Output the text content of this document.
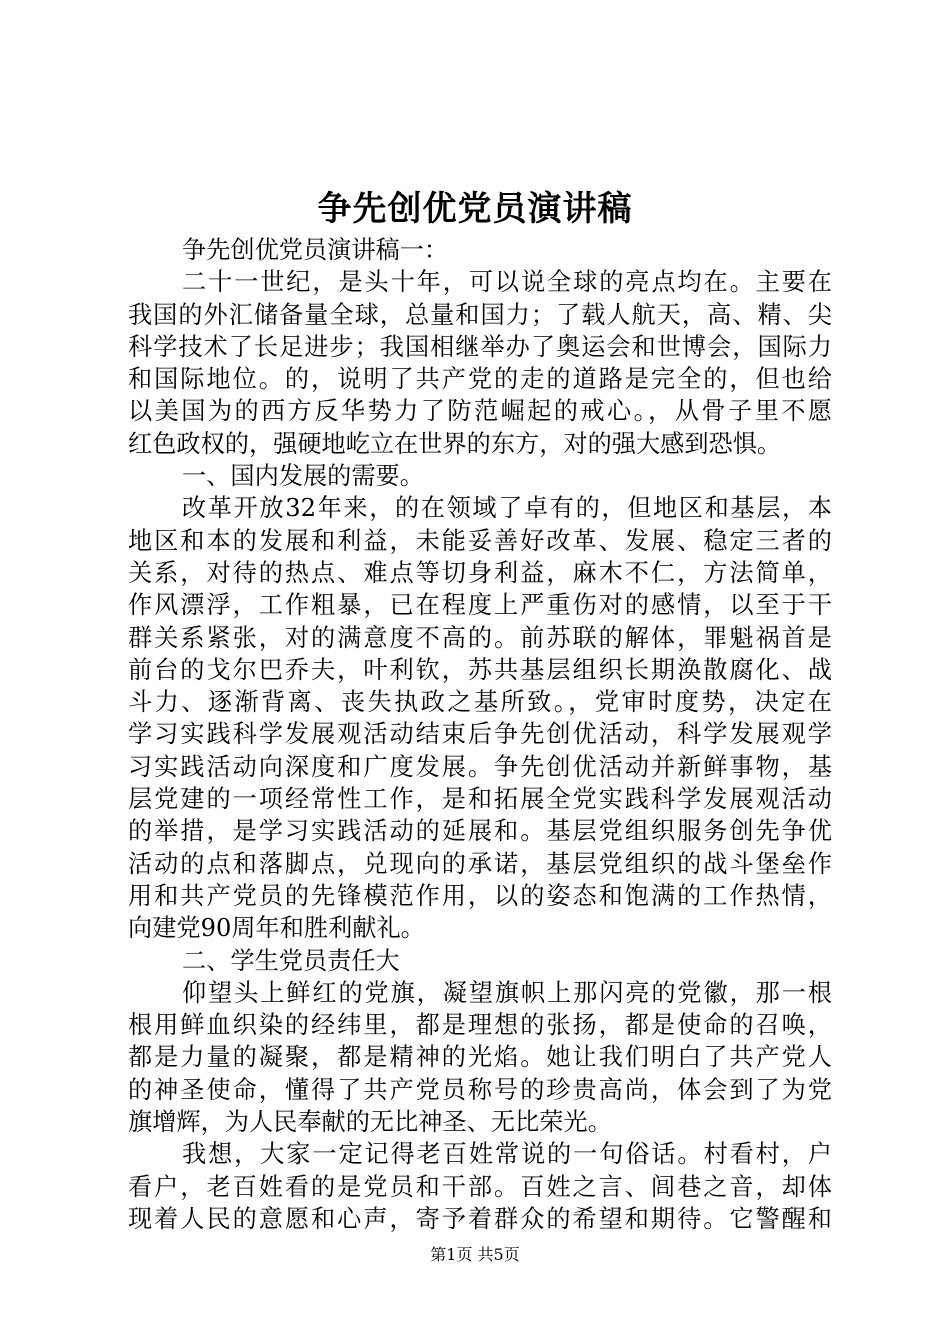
争先创优党员演讲稿
争先创优党员演讲稿一：
二十一世纪，是头十年，可以说全球的亮点均在。主要在
我国的外汇储备量全球，总量和国力；了载人航天，高、精、尖
科学技术了长足进步；我国相继举办了奥运会和世博会，国际力
和国际地位。的，说明了共产党的走的道路是完全的，但也给
以美国为的西方反华势力了防范崛起的戒心。，从骨子里不愿
红色政权的，强硬地屹立在世界的东方，对的强大感到恐惧。
一、国内发展的需要。
改革开放32年来，的在领域了卓有的，但地区和基层，本
地区和本的发展和利益，未能妥善好改革、发展、稳定三者的
关系，对待的热点、难点等切身利益，麻木不仁，方法简单，
作风漂浮，工作粗暴，已在程度上严重伤对的感情，以至于干
群关系紧张，对的满意度不高的。前苏联的解体，罪魁祸首是
前台的戈尔巴乔夫，叶利钦，苏共基层组织长期涣散腐化、战
斗力、逐渐背离、丧失执政之基所致。，党审时度势，决定在
学习实践科学发展观活动结束后争先创优活动，科学发展观学
习实践活动向深度和广度发展。争先创优活动并新鲜事物，基
层党建的一项经常性工作，是和拓展全党实践科学发展观活动
的举措，是学习实践活动的延展和。基层党组织服务创先争优
活动的点和落脚点，兑现向的承诺，基层党组织的战斗堡垒作
用和共产党员的先锋模范作用，以的姿态和饱满的工作热情，
向建党90周年和胜利献礼。
二、学生党员责任大
仰望头上鲜红的党旗，凝望旗帜上那闪亮的党徽，那一根
根用鲜血织染的经纬里，都是理想的张扬，都是使命的召唤，
都是力量的凝聚，都是精神的光焰。她让我们明白了共产党人
的神圣使命，懂得了共产党员称号的珍贵高尚，体会到了为党
旗增辉，为人民奉献的无比神圣、无比荣光。
我想，大家一定记得老百姓常说的一句俗话。村看村，户
看户，老百姓看的是党员和干部。百姓之言、闾巷之音，却体
现着人民的意愿和心声，寄予着群众的希望和期待。它警醒和
第1页 共5页
